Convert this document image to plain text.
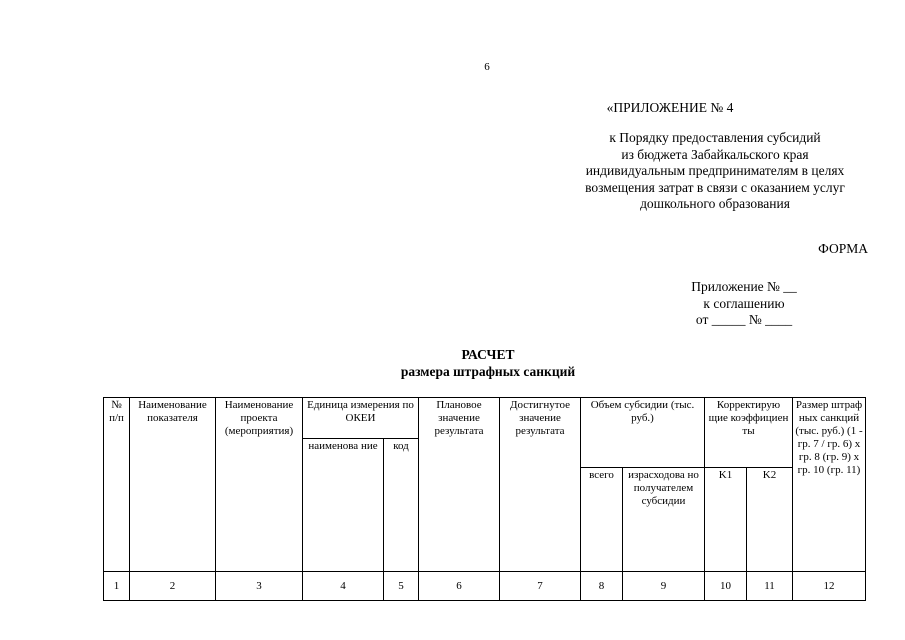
6
«ПРИЛОЖЕНИЕ № 4
к Порядку предоставления субсидий
из бюджета Забайкальского края
индивидуальным предпринимателям в целях
возмещения затрат в связи с оказанием услуг
дошкольного образования
ФОРМА
Приложение № __
к соглашению
от _____ № ____
РАСЧЕТ
размера штрафных санкций
№ п/п	Наименование показателя	Наименование проекта (мероприятия)	Единица измерения по ОКЕИ		Плановое значение результата	Достигнутое значение результата	Объем субсидии (тыс. руб.)		Корректирую щие коэффициен ты		Размер штраф ных санкций (тыс. руб.) (1 - гр. 7 / гр. 6) x гр. 8 (гр. 9) x гр. 10 (гр. 11)
			наименова ние	код							
							всего	израсходова но получателем субсидии	K1	K2	
1	2	3	4	5	6	7	8	9	10	11	12
